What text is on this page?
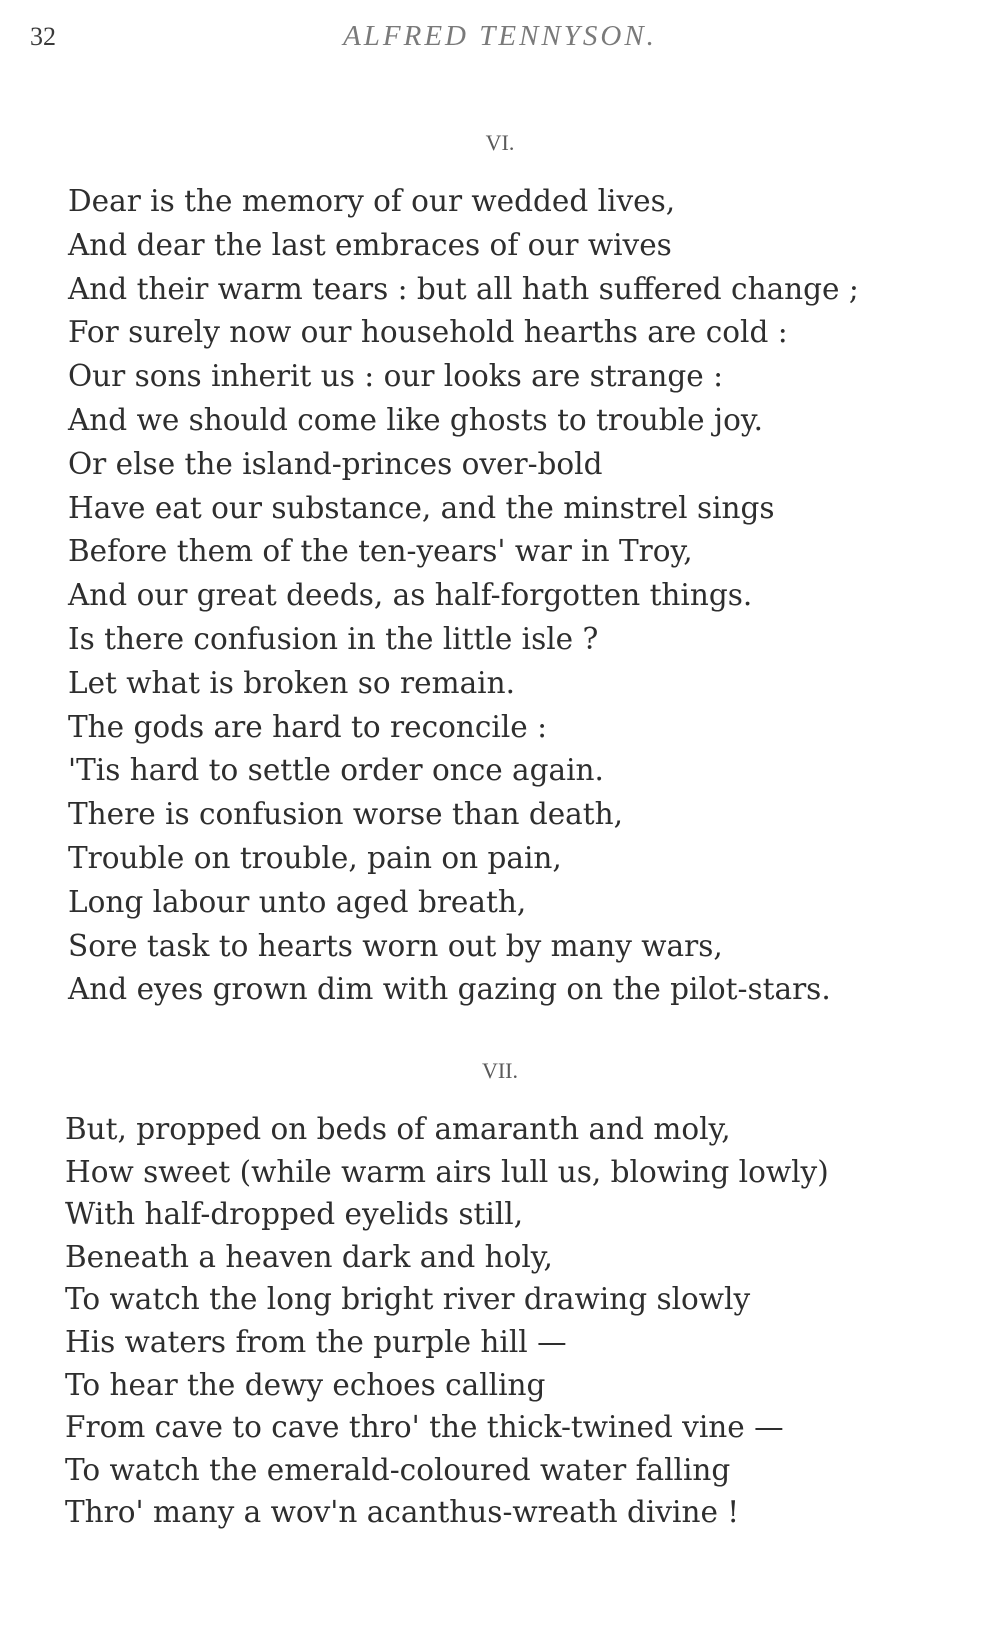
32	ALFRED TENNYSON.
VI.
Dear is the memory of our wedded lives,
And dear the last embraces of our wives
And their warm tears : but all hath suffered change ;
For surely now our household hearths are cold :
Our sons inherit us : our looks are strange :
And we should come like ghosts to trouble joy.
Or else the island-princes over-bold
Have eat our substance, and the minstrel sings
Before them of the ten-years' war in Troy,
And our great deeds, as half-forgotten things.
Is there confusion in the little isle ?
Let what is broken so remain.
The gods are hard to reconcile :
'Tis hard to settle order once again.
There is confusion worse than death,
Trouble on trouble, pain on pain,
Long labour unto aged breath,
Sore task to hearts worn out by many wars,
And eyes grown dim with gazing on the pilot-stars.
VII.
But, propped on beds of amaranth and moly,
How sweet (while warm airs lull us, blowing lowly)
With half-dropped eyelids still,
Beneath a heaven dark and holy,
To watch the long bright river drawing slowly
His waters from the purple hill —
To hear the dewy echoes calling
From cave to cave thro' the thick-twined vine —
To watch the emerald-coloured water falling
Thro' many a wov'n acanthus-wreath divine !
